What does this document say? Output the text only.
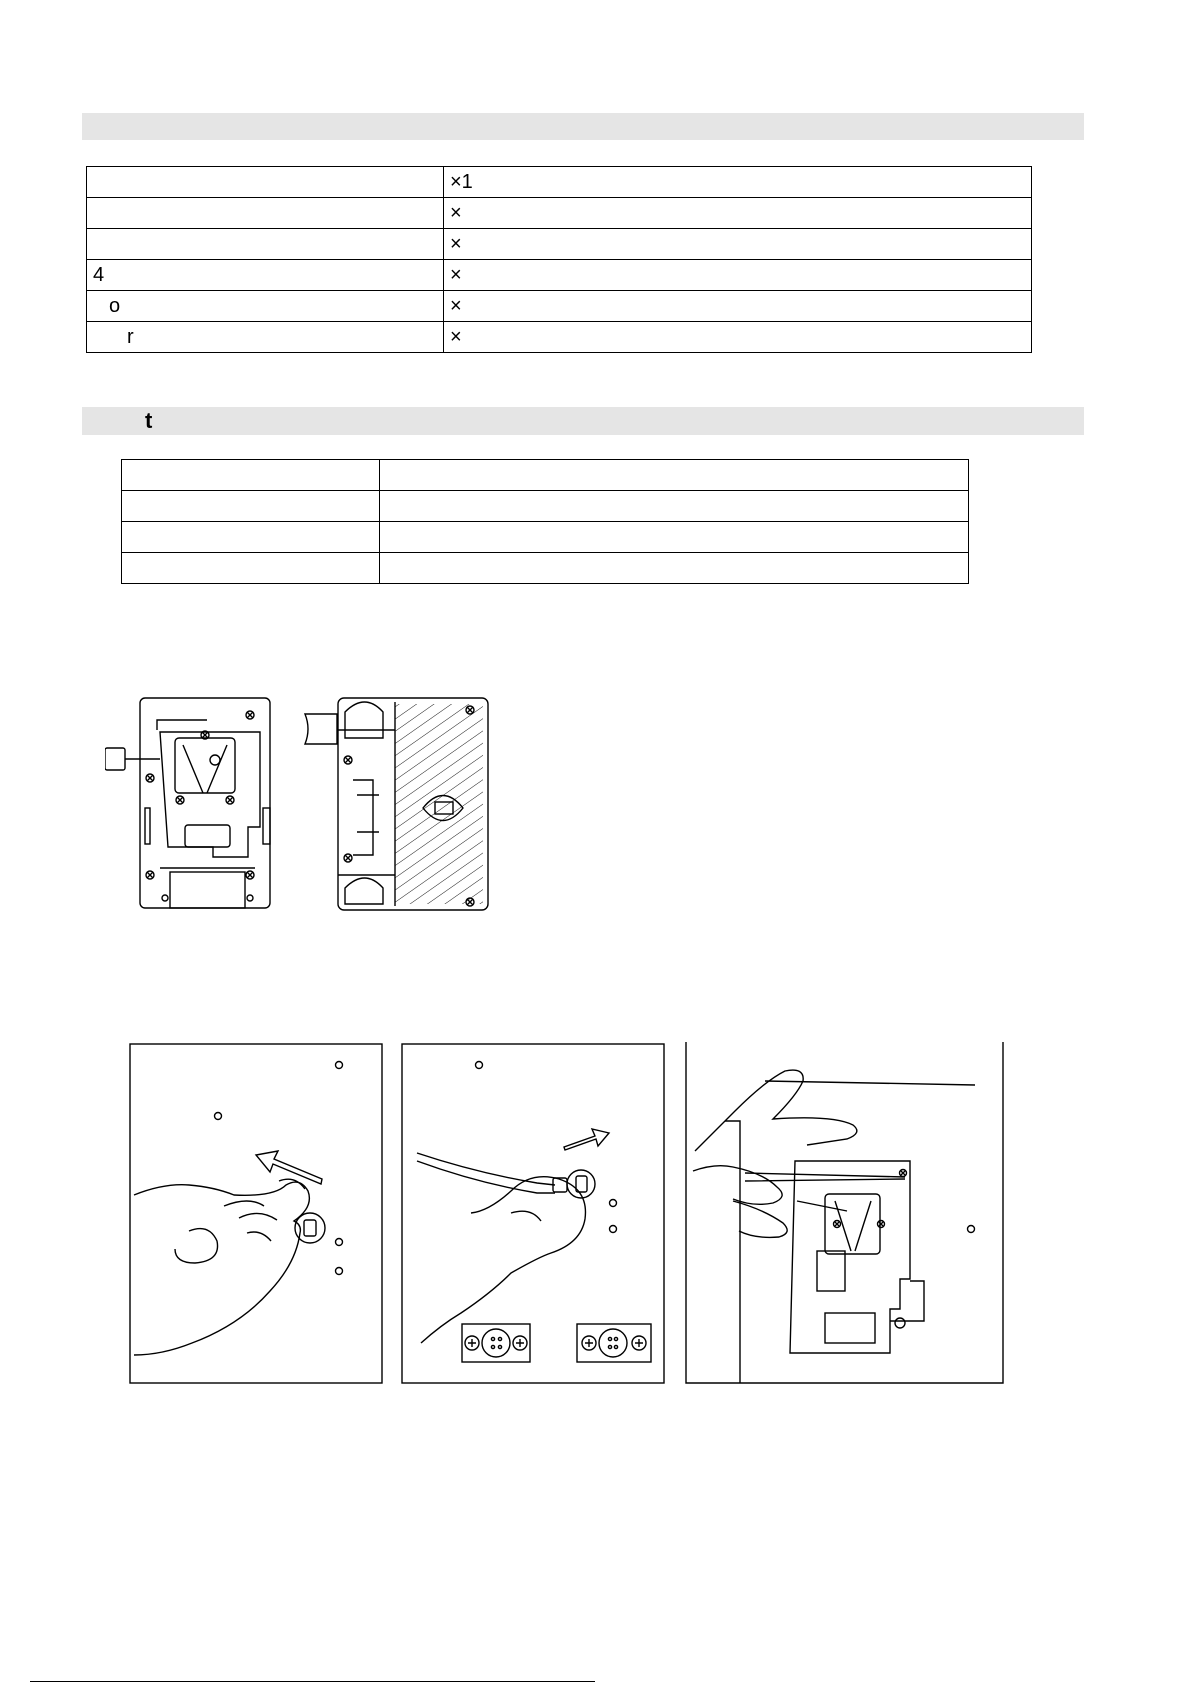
	×1
	×
	×
4	×
o	×
r	×
t
